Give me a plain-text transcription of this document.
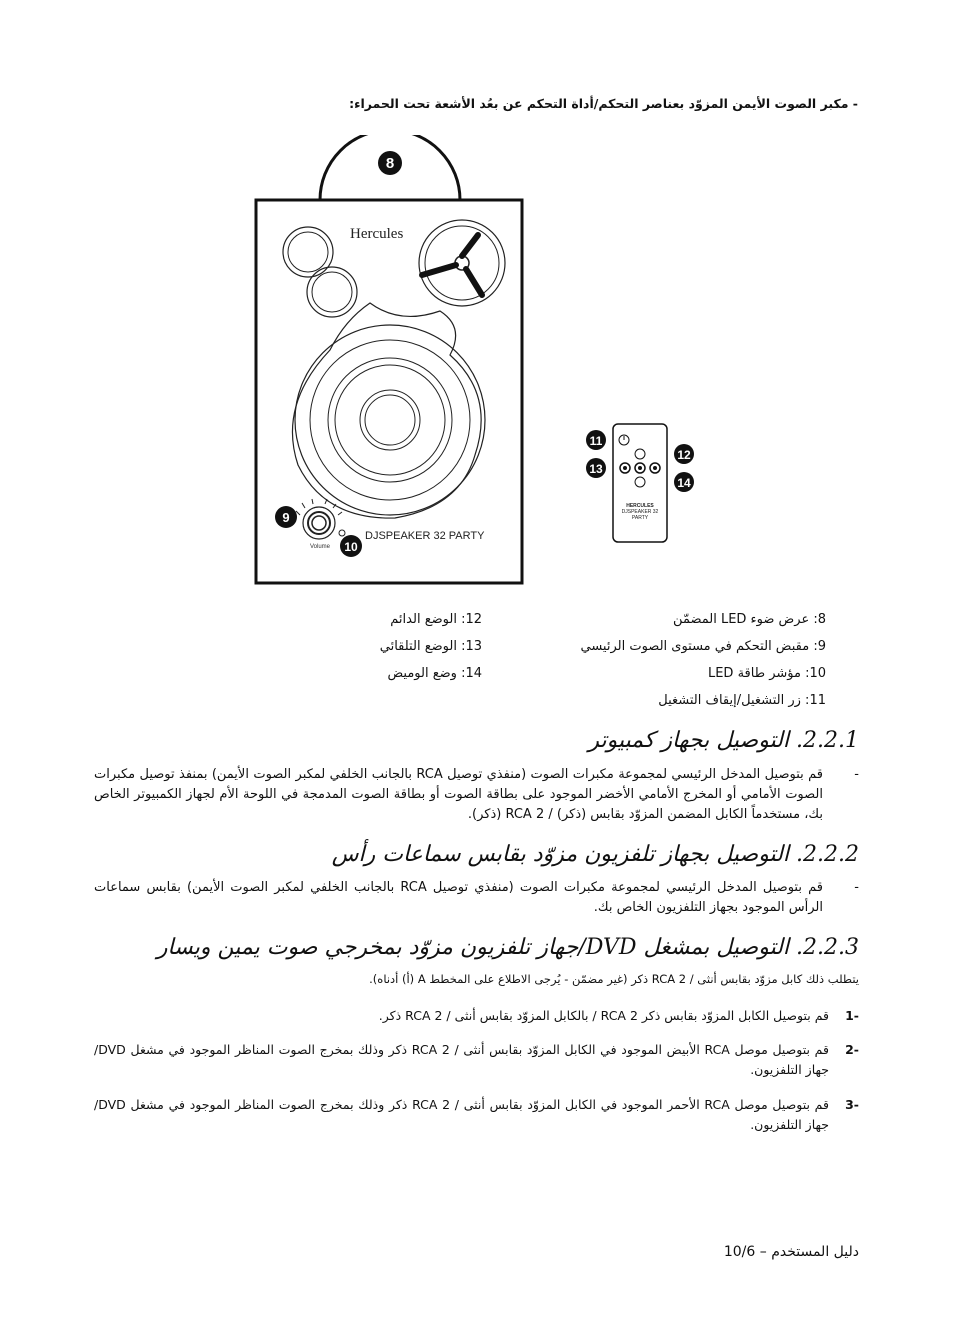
- مكبر الصوت الأيمن المزوّد بعناصر التحكم/أداة التحكم عن بعُد الأشعة تحت الحمراء:
8
Hercules
Volume
9
10
DJSPEAKER 32 PARTY
HERCULES
DJSPEAKER 32
PARTY
11
12
13
14
8: عرض ضوء LED المضمّن
9: مقبض التحكم في مستوى الصوت الرئيسي
10: مؤشر طاقة LED
11: زر التشغيل/إيقاف التشغيل
12: الوضع الدائم
13: الوضع التلقائي
14: وضع الوميض
2.2.1. التوصيل بجهاز كمبيوتر
-
قم بتوصيل المدخل الرئيسي لمجموعة مكبرات الصوت (منفذي توصيل RCA بالجانب الخلفي لمكبر الصوت الأيمن) بمنفذ توصيل مكبرات الصوت الأمامي أو المخرج الأمامي الأخضر الموجود على بطاقة الصوت أو بطاقة الصوت المدمجة في اللوحة الأم لجهاز الكمبيوتر الخاص بك، مستخدماً الكابل المضمن المزوّد بقابس (ذكر) / 2 RCA (ذكر).
2.2.2. التوصيل بجهاز تلفزيون مزوّد بقابس سماعات رأس
-
قم بتوصيل المدخل الرئيسي لمجموعة مكبرات الصوت (منفذي توصيل RCA بالجانب الخلفي لمكبر الصوت الأيمن) بقابس سماعات الرأس الموجود بجهاز التلفزيون الخاص بك.
2.2.3. التوصيل بمشغل DVD/جهاز تلفزيون مزوّد بمخرجي صوت يمين ويسار
يتطلب ذلك كابل مزوّد بقابس أنثى / 2 RCA ذكر (غير مضمّن - يُرجى الاطلاع على المخطط A (أ) أدناه).
-1
قم بتوصيل الكابل المزوّد بقابس ذكر RCA 2 / بالكابل المزوّد بقابس أنثى / 2 RCA ذكر.
-2
قم بتوصيل موصل RCA الأبيض الموجود في الكابل المزوّد بقابس أنثى / 2 RCA ذكر وذلك بمخرج الصوت المناظر الموجود في مشغل DVD/جهاز التلفزيون.
-3
قم بتوصيل موصل RCA الأحمر الموجود في الكابل المزوّد بقابس أنثى / 2 RCA ذكر وذلك بمخرج الصوت المناظر الموجود في مشغل DVD/جهاز التلفزيون.
دليل المستخدم – 10/6
